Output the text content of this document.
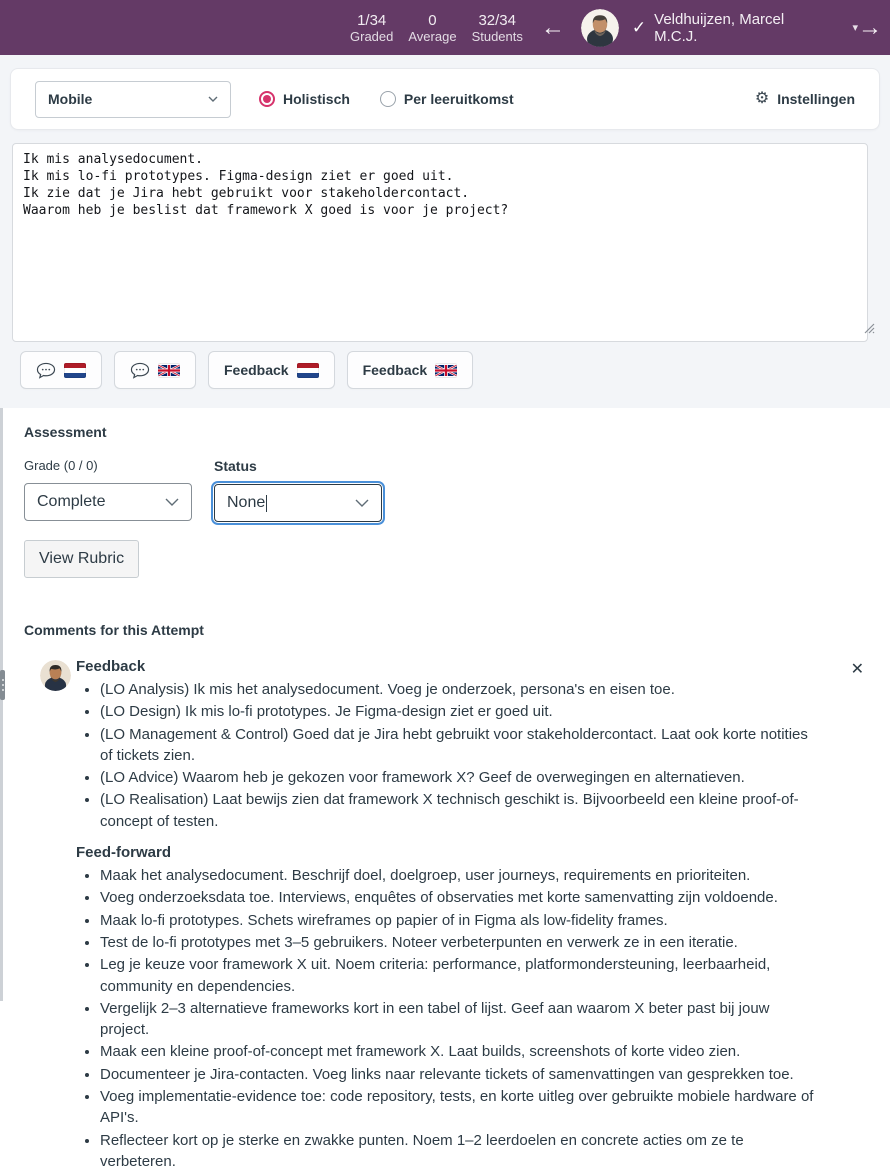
1/34
Graded
0
Average
32/34
Students ←	✓ Veldhuijzen, Marcel M.C.J.	▾ →
Mobile	Holistisch	Per leeruitkomst	⚙ Instellingen
Ik mis analysedocument. Ik mis lo-fi prototypes. Figma-design ziet er goed uit. Ik zie dat je Jira hebt gebruikt voor stakeholdercontact. Waarom heb je beslist dat framework X goed is voor je project?
Feedback	Feedback
Assessment
Grade (0 / 0)
Complete
Status
None
View Rubric
Comments for this Attempt
✕
Feedback
• (LO Analysis) Ik mis het analysedocument. Voeg je onderzoek, persona's en eisen toe.
• (LO Design) Ik mis lo-fi prototypes. Je Figma-design ziet er goed uit.
• (LO Management & Control) Goed dat je Jira hebt gebruikt voor stakeholdercontact. Laat ook korte notities of tickets zien.
• (LO Advice) Waarom heb je gekozen voor framework X? Geef de overwegingen en alternatieven.
• (LO Realisation) Laat bewijs zien dat framework X technisch geschikt is. Bijvoorbeeld een kleine proof-of-concept of testen.
Feed-forward
• Maak het analysedocument. Beschrijf doel, doelgroep, user journeys, requirements en prioriteiten.
• Voeg onderzoeksdata toe. Interviews, enquêtes of observaties met korte samenvatting zijn voldoende.
• Maak lo-fi prototypes. Schets wireframes op papier of in Figma als low-fidelity frames.
• Test de lo-fi prototypes met 3–5 gebruikers. Noteer verbeterpunten en verwerk ze in een iteratie.
• Leg je keuze voor framework X uit. Noem criteria: performance, platformondersteuning, leerbaarheid, community en dependencies.
• Vergelijk 2–3 alternatieve frameworks kort in een tabel of lijst. Geef aan waarom X beter past bij jouw project.
• Maak een kleine proof-of-concept met framework X. Laat builds, screenshots of korte video zien.
• Documenteer je Jira-contacten. Voeg links naar relevante tickets of samenvattingen van gesprekken toe.
• Voeg implementatie-evidence toe: code repository, tests, en korte uitleg over gebruikte mobiele hardware of API's.
• Reflecteer kort op je sterke en zwakke punten. Noem 1–2 leerdoelen en concrete acties om ze te verbeteren.
